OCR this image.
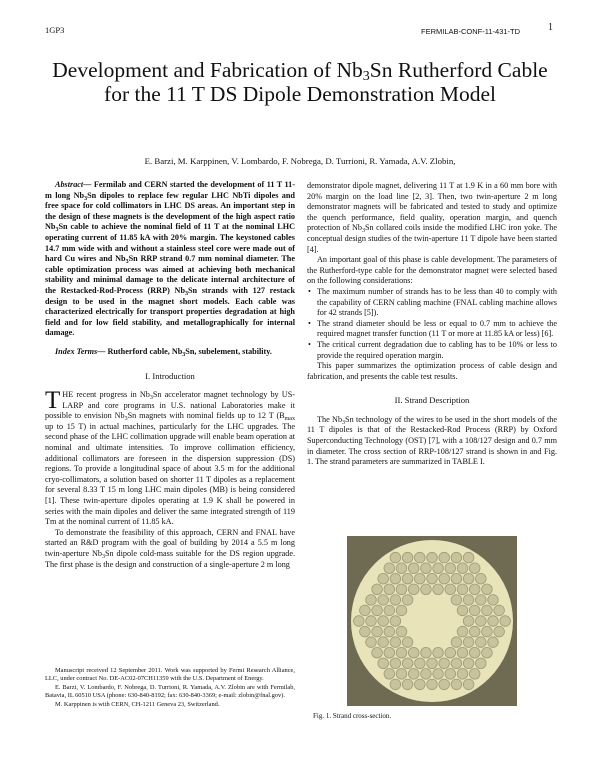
1GP3	FERMILAB-CONF-11-431-TD	1
Development and Fabrication of $Nb_3Sn$ Rutherford Cable for the 11 T DS Dipole Demonstration Model
E. Barzi, M. Karppinen, V. Lombardo, F. Nobrega, D. Turrioni, R. Yamada, A.V. Zlobin,

Abstract— Fermilab and CERN started the development of 11 T 11-m long $Nb_3Sn$ dipoles to replace few regular LHC NbTi dipoles and free space for cold collimators in LHC DS areas. An important step in the design of these magnets is the development of the high aspect ratio $Nb_3Sn$ cable to achieve the nominal field of 11 T at the nominal LHC operating current of 11.85 kA with 20% margin. The keystoned cables 14.7 mm wide with and without a stainless steel core were made out of hard Cu wires and $Nb_3Sn$ RRP strand 0.7 mm nominal diameter. The cable optimization process was aimed at achieving both mechanical stability and minimal damage to the delicate internal architecture of the Restacked-Rod-Process (RRP) $Nb_3Sn$ strands with 127 restack design to be used in the magnet short models. Each cable was characterized electrically for transport properties degradation at high field and for low field stability, and metallographically for internal damage.

Index Terms— Rutherford cable, $Nb_3Sn$, subelement, stability.

I. Introduction

THE recent progress in $Nb_3Sn$ accelerator magnet technology by US-LARP and core programs in U.S. national Laboratories make it possible to envision $Nb_3Sn$ magnets with nominal fields up to 12 T ($B_{max}$ up to 15 T) in actual machines, particularly for the LHC upgrades. The second phase of the LHC collimation upgrade will enable beam operation at nominal and ultimate intensities. To improve collimation efficiency, additional collimators are foreseen in the dispersion suppression (DS) regions. To provide a longitudinal space of about 3.5 m for the additional cryo-collimators, a solution based on shorter 11 T dipoles as a replacement for several 8.33 T 15 m long LHC main dipoles (MB) is being considered [1]. These twin-aperture dipoles operating at 1.9 K shall be powered in series with the main dipoles and deliver the same integrated strength of 119 Tm at the nominal current of 11.85 kA.

To demonstrate the feasibility of this approach, CERN and FNAL have started an R&D program with the goal of building by 2014 a 5.5 m long twin-aperture $Nb_3Sn$ dipole cold-mass suitable for the DS region upgrade. The first phase is the design and construction of a single-aperture 2 m long

Manuscript received 12 September 2011. Work was supported by Fermi Research Alliance, LLC, under contract No. DE-AC02-07CH11359 with the U.S. Department of Energy.

E. Barzi, V. Lombardo, F. Nobrega, D. Turrioni, R. Yamada, A.V. Zlobin are with Fermilab, Batavia, IL 60510 USA (phone: 630-840-8192; fax: 630-840-3369; e-mail: zlobin@fnal.gov).

M. Karppinen is with CERN, CH-1211 Geneva 23, Switzerland.

demonstrator dipole magnet, delivering 11 T at 1.9 K in a 60 mm bore with 20% margin on the load line [2, 3]. Then, two twin-aperture 2 m long demonstrator magnets will be fabricated and tested to study and optimize the quench performance, field quality, operation margin, and quench protection of $Nb_3Sn$ collared coils inside the modified LHC iron yoke. The conceptual design studies of the twin-aperture 11 T dipole have been started [4].

An important goal of this phase is cable development. The parameters of the Rutherford-type cable for the demonstrator magnet were selected based on the following considerations:

• The maximum number of strands has to be less than 40 to comply with the capability of CERN cabling machine (FNAL cabling machine allows for 42 strands [5]).
• The strand diameter should be less or equal to 0.7 mm to achieve the required magnet transfer function (11 T or more at 11.85 kA or less) [6].
• The critical current degradation due to cabling has to be 10% or less to provide the required operation margin.

This paper summarizes the optimization process of cable design and fabrication, and presents the cable test results.

II. Strand Description

The $Nb_3Sn$ technology of the wires to be used in the short models of the 11 T dipoles is that of the Restacked-Rod Process (RRP) by Oxford Superconducting Technology (OST) [7], with a 108/127 design and 0.7 mm in diameter. The cross section of RRP-108/127 strand is shown in and Fig. 1. The strand parameters are summarized in TABLE I.

Fig. 1. Strand cross-section.
